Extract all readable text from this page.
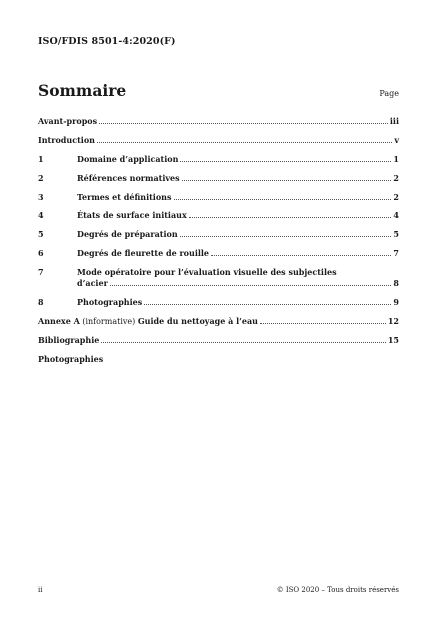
ISO/FDIS 8501-4:2020(F)
Sommaire	Page
Avant-propos	iii
Introduction	v
1	Domaine d’application	1
2	Références normatives	2
3	Termes et définitions	2
4	États de surface initiaux	4
5	Degrés de préparation	5
6	Degrés de fleurette de rouille	7
7	Mode opératoire pour l’évaluation visuelle des subjectiles
d’acier	8
8	Photographies	9
Annexe A (informative) Guide du nettoyage à l’eau	12
Bibliographie	15
Photographies
ii	© ISO 2020 – Tous droits réservés
